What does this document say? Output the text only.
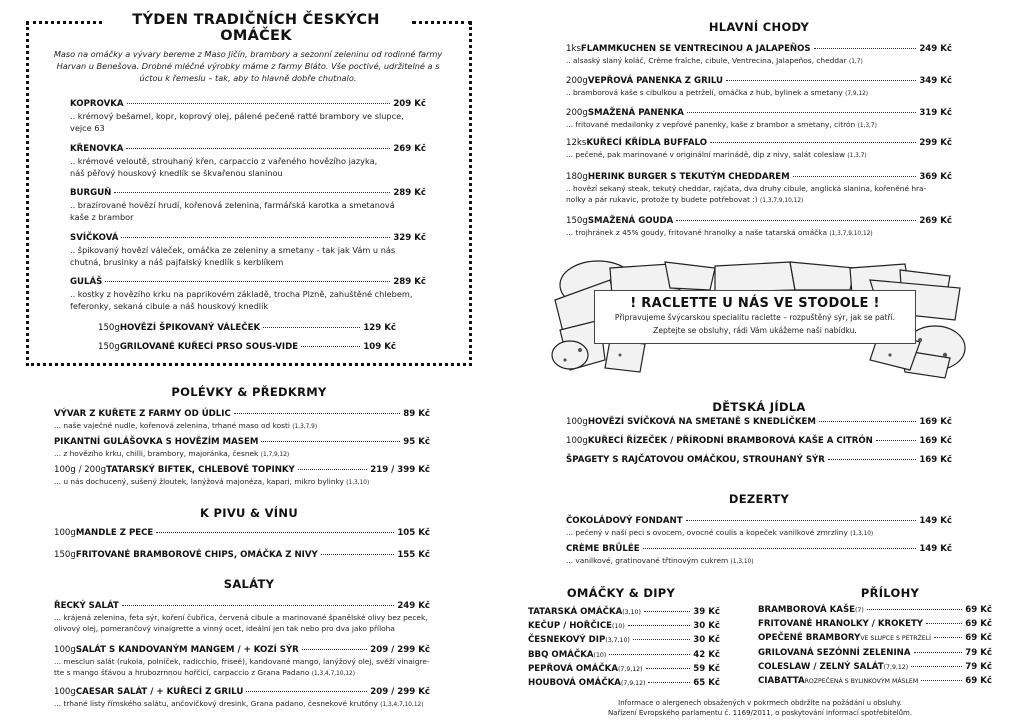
TÝDEN TRADIČNÍCH ČESKÝCH OMÁČEK
Maso na omáčky a vývary bereme z Maso Jičín, brambory a sezonní zeleninu od rodinné farmy Harvan u Benešova. Drobné mléčné výrobky máme z farmy Bláto. Vše poctivé, udržitelné a s úctou k řemeslu – tak, aby to hlavně dobře chutnalo.
KOPROVKA	209 Kč
.. krémový bešamel, kopr, koprový olej, pálené pečené ratté brambory ve slupce,
vejce 63
KŘENOVKA	269 Kč
.. krémové veloutě, strouhaný křen, carpaccio z vařeného hovězího jazyka,
náš pěřový houskový knedlík se škvařenou slaninou
BURGUŇ	289 Kč
.. brazírované hovězí hrudí, kořenová zelenina, farmářská karotka a smetanová
kaše z brambor
SVÍČKOVÁ	329 Kč
.. špikovaný hovězí váleček, omáčka ze zeleniny a smetany - tak jak Vám u nás
chutná, brusinky a náš pajfalský knedlík s kerblíkem
GULÁŠ	289 Kč
.. kostky z hovězího krku na paprikovém základě, trocha Plzně, zahuštěné chlebem,
feferonky, sekaná cibule a náš houskový knedlík
150g HOVĚZÍ ŠPIKOVANÝ VÁLEČEK	129 Kč
150g GRILOVANÉ KUŘECÍ PRSO SOUS-VIDE	109 Kč
POLÉVKY & PŘEDKRMY
VÝVAR Z KUŘETE Z FARMY OD ÚDLIC	89 Kč
... naše vaječné nudle, kořenová zelenina, trhané maso od kosti (1,3,7,9)
PIKANTNÍ GULÁŠOVKA S HOVĚZÍM MASEM	95 Kč
... z hovězího krku, chilli, brambory, majoránka, česnek (1,7,9,12)
100g / 200g TATARSKÝ BIFTEK, CHLEBOVÉ TOPINKY	219 / 399 Kč
... u nás dochucený, sušený žloutek, lanýžová majonéza, kapari, mikro bylinky (1,3,10)
K PIVU & VÍNU
100g MANDLE Z PECE	105 Kč
150g FRITOVANÉ BRAMBOROVÉ CHIPS, OMÁČKA Z NIVY	155 Kč
SALÁTY
ŘECKÝ SALÁT	249 Kč
... krájená zelenina, feta sýr, koření čubřica, červená cibule a marinované španělské olivy bez pecek,
olivový olej, pomerančový vinaigrette a vinný ocet, ideální jen tak nebo pro dva jako příloha
100g SALÁT S KANDOVANÝM MANGEM / + KOZÍ SÝR	209 / 299 Kč
... mesclun salát (rukola, polníček, radicchio, friseé), kandované mango, lanýžový olej, svěží vinaigre-
tte s mango šťávou a hrubozrnnou hořčicí, carpaccio z Grana Padano (1,3,4,7,10,12)
100g CAESAR SALÁT / + KUŘECÍ Z GRILU	209 / 299 Kč
... trhané listy římského salátu, ančovičkový dresink, Grana padano, česnekové krutóny (1,3,4,7,10,12)
HLAVNÍ CHODY
1ks FLAMMKUCHEN SE VENTRECINOU A JALAPEÑOS	249 Kč
.. alsaský slaný koláč, Crème fraîche, cibule, Ventrecina, Jalapeños, cheddar (1,7)
200g VEPŘOVÁ PANENKA Z GRILU	349 Kč
.. bramborová kaše s cibulkou a petrželí, omáčka z hub, bylinek a smetany (7,9,12)
200g SMAŽENÁ PANENKA	319 Kč
... fritované medailonky z vepřové panenky, kaše z brambor a smetany, citrón (1,3,7)
12ks KUŘECÍ KŘÍDLA BUFFALO	299 Kč
... pečené, pak marinované v originální marinádě, dip z nivy, salát coleslaw (1,3,7)
180g HERINK BURGER S TEKUTÝM CHEDDAREM	369 Kč
.. hovězí sekaný steak, tekutý cheddar, rajčata, dva druhy cibule, anglická slanina, kořeněné hra-
nolky a pár rukavic, protože ty budete potřebovat :) (1,3,7,9,10,12)
150g SMAŽENÁ GOUDA	269 Kč
... trojhránek z 45% goudy, fritované hranolky a naše tatarská omáčka (1,3,7,9,10,12)
! RACLETTE U NÁS VE STODOLE !
Připravujeme švýcarskou specialitu raclette – rozpuštěný sýr, jak se patří.
Zeptejte se obsluhy, rádi Vám ukážeme naši nabídku.
DĚTSKÁ JÍDLA
100g HOVĚZÍ SVÍČKOVÁ NA SMETANĚ S KNEDLÍČKEM	169 Kč
100g KUŘECÍ ŘÍZEČEK / PŘÍRODNÍ BRAMBOROVÁ KAŠE A CITRÓN	169 Kč
ŠPAGETY S RAJČATOVOU OMÁČKOU, STROUHANÝ SÝR	169 Kč
DEZERTY
ČOKOLÁDOVÝ FONDANT	149 Kč
... pečený v naší peci s ovocem, ovocné coulis a kopeček vanilkové zmrzliny (1,3,10)
CRÈME BRÛLÉE	149 Kč
... vanilkové, gratinované třtinovým cukrem (1,3,10)
OMÁČKY & DIPY
TATARSKÁ OMÁČKA (3,10)	39 Kč
KEČUP / HOŘČICE (10)	30 Kč
ČESNEKOVÝ DIP (3,7,10)	30 Kč
BBQ OMÁČKA (10)	42 Kč
PEPŘOVÁ OMÁČKA (7,9,12)	59 Kč
HOUBOVÁ OMÁČKA (7,9,12)	65 Kč
PŘÍLOHY
BRAMBOROVÁ KAŠE (7)	69 Kč
FRITOVANÉ HRANOLKY / KROKETY	69 Kč
OPEČENÉ BRAMBORY VE SLUPCE S PETRŽELÍ	69 Kč
GRILOVANÁ SEZÓNNÍ ZELENINA	79 Kč
COLESLAW / ZELNÝ SALÁT (7,9,12)	79 Kč
CIABATTA ROZPEČENÁ S BYLINKOVÝM MÁSLEM	69 Kč
Informace o alergenech obsažených v pokrmech obdržíte na požádání u obsluhy.
Nařízení Evropského parlamentu č. 1169/2011, o poskytování informací spotřebitelům.
